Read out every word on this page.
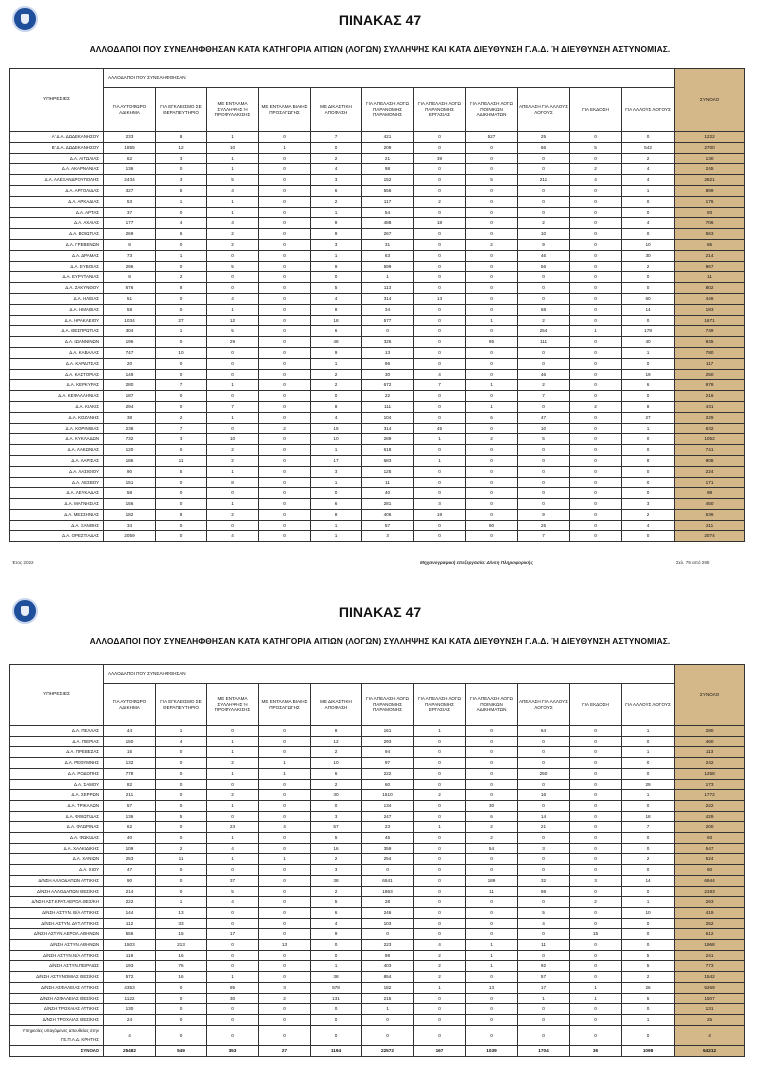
ΠΙΝΑΚΑΣ 47
ΑΛΛΟΔΑΠΟΙ ΠΟΥ ΣΥΝΕΛΗΦΘΗΣΑΝ ΚΑΤΑ ΚΑΤΗΓΟΡΙΑ ΑΙΤΙΩΝ (ΛΟΓΩΝ) ΣΥΛΛΗΨΗΣ ΚΑΙ ΚΑΤΑ ΔΙΕΥΘΥΝΣΗ Γ.Α.Δ. Ή ΔΙΕΥΘΥΝΣΗ ΑΣΤΥΝΟΜΙΑΣ.
ΥΠΗΡΕΣΙΕΣ	ΑΛΛΟΔΑΠΟΙ ΠΟΥ ΣΥΝΕΛΗΦΘΗΣΑΝ											ΣΥΝΟΛΟ
	ΓΙΑ ΑΥΤΟΦΩΡΟ ΑΔΙΚΗΜΑ	ΓΙΑ ΕΓΚΛΕΙΣΜΟ ΣΕ ΘΕΡΑΠΕΥΤΗΡΙΟ	ΜΕ ΕΝΤΑΛΜΑ ΣΥΛΛΗΨΗΣ Ή ΠΡΟΦΥΛΑΚΙΣΗΣ	ΜΕ ΕΝΤΑΛΜΑ ΒΙΑΙΗΣ ΠΡΟΣΑΓΩΓΗΣ	ΜΕ ΔΙΚΑΣΤΙΚΗ ΑΠΟΦΑΣΗ	ΓΙΑ ΑΠΕΛΑΣΗ ΛΟΓΩ ΠΑΡΑΝΟΜΗΣ ΠΑΡΑΜΟΝΗΣ	ΓΙΑ ΑΠΕΛΑΣΗ ΛΟΓΩ ΠΑΡΑΝΟΜΗΣ ΕΡΓΑΣΙΑΣ	ΓΙΑ ΑΠΕΛΑΣΗ ΛΟΓΩ ΠΟΙΝΙΚΩΝ ΑΔΙΚΗΜΑΤΩΝ	ΑΠΕΛΑΣΗ ΓΙΑ ΑΛΛΟΥΣ ΛΟΓΟΥΣ	ΓΙΑ ΕΚΔΟΣΗ	ΓΙΑ ΑΛΛΟΥΣ ΛΟΓΟΥΣ	
Α' Δ.Α. ΔΩΔΕΚΑΝΗΣΟΥ	233	8	1	0	7	421	0	527	25	0	0	1222
Β' Δ.Α. ΔΩΔΕΚΑΝΗΣΟΥ	1855	12	10	1	0	209	0	0	66	5	542	2700
Δ.Α. ΑΙΤΩΛΙΑΣ	62	3	1	0	2	21	39	0	0	0	2	130
Δ.Α. ΑΚΑΡΝΑΝΙΑΣ	136	0	1	0	4	98	0	0	0	2	4	245
Δ.Α. ΑΛΕΞΑΝΔΡΟΥΠΟΛΗΣ	2434	3	5	0	3	152	0	5	211	4	4	2821
Δ.Α. ΑΡΓΟΛΙΔΑΣ	327	5	4	0	6	556	0	0	0	0	1	899
Δ.Α. ΑΡΚΑΔΙΑΣ	53	1	1	0	2	117	2	0	0	0	0	176
Δ.Α. ΑΡΤΑΣ	37	0	1	0	1	54	0	0	0	0	0	93
Δ.Α. ΑΧΑΙΑΣ	177	4	4	0	9	488	18	0	2	0	4	706
Δ.Α. ΒΟΙΩΤΙΑΣ	269	6	2	0	9	267	0	0	10	0	0	563
Δ.Α. ΓΡΕΒΕΝΩΝ	8	0	2	0	3	31	0	2	9	0	10	65
Δ.Α. ΔΡΑΜΑΣ	73	1	0	0	1	63	0	0	46	0	30	214
Δ.Α. ΕΥΒΟΙΑΣ	296	0	5	0	9	599	0	0	56	0	2	967
Δ.Α. ΕΥΡΥΤΑΝΙΑΣ	8	2	0	0	0	1	0	0	0	0	0	11
Δ.Α. ΖΑΚΥΝΘΟΥ	676	8	0	0	5	113	0	0	0	0	0	802
Δ.Α. ΗΛΕΙΑΣ	51	0	4	0	4	314	13	0	0	0	60	446
Δ.Α. ΗΜΑΘΙΑΣ	58	0	1	0	8	34	0	0	68	0	14	183
Δ.Α. ΗΡΑΚΛΕΙΟΥ	1034	27	12	0	18	577	0	1	2	0	0	1671
Δ.Α. ΘΕΣΠΡΩΤΙΑΣ	304	1	5	0	6	0	0	0	254	1	178	749
Δ.Α. ΙΩΑΝΝΙΝΩΝ	196	0	29	0	48	326	0	95	111	0	40	845
Δ.Α. ΚΑΒΑΛΑΣ	747	10	0	0	9	13	0	0	0	0	1	780
Δ.Α. ΚΑΡΔΙΤΣΑΣ	20	0	0	0	1	96	0	0	0	0	0	117
Δ.Α. ΚΑΣΤΟΡΙΑΣ	149	0	0	0	2	30	4	0	46	0	19	250
Δ.Α. ΚΕΡΚΥΡΑΣ	280	7	1	0	2	672	7	1	2	0	6	978
Δ.Α. ΚΕΦΑΛΛΗΝΙΑΣ	187	0	0	0	0	22	0	0	7	0	0	216
Δ.Α. ΚΙΛΚΙΣ	294	0	7	0	8	111	0	1	0	2	8	431
Δ.Α. ΚΟΖΑΝΗΣ	38	2	1	0	4	104	0	6	47	0	27	229
Δ.Α. ΚΟΡΙΝΘΙΑΣ	238	7	0	2	15	314	45	0	10	0	1	632
Δ.Α. ΚΥΚΛΑΔΩΝ	732	3	10	0	10	289	1	2	5	0	0	1052
Δ.Α. ΛΑΚΩΝΙΑΣ	120	0	2	0	1	618	0	0	0	0	0	741
Δ.Α. ΛΑΡΙΣΑΣ	186	11	2	0	17	683	1	0	0	0	8	908
Δ.Α. ΛΑΣΙΘΙΟΥ	90	5	1	0	3	125	0	0	0	0	0	224
Δ.Α. ΛΕΣΒΟΥ	151	0	8	0	1	11	0	0	0	0	0	171
Δ.Α. ΛΕΥΚΑΔΑΣ	58	0	0	0	0	40	0	0	0	0	0	98
Δ.Α. ΜΑΓΝΗΣΙΑΣ	156	0	1	0	6	281	3	0	0	0	3	450
Δ.Α. ΜΕΣΣΗΝΙΑΣ	182	8	2	0	8	406	19	0	9	0	2	636
Δ.Α. ΞΑΝΘΗΣ	34	0	0	0	1	57	0	90	25	0	4	211
Δ.Α. ΟΡΕΣΤΙΑΔΑΣ	2059	0	4	0	1	3	0	0	7	0	0	2074
Έτος 2022	Μηχανογραφική επεξεργασία: Δ/νση Πληροφορικής	Σελ. 79 από 295
ΠΙΝΑΚΑΣ 47
ΑΛΛΟΔΑΠΟΙ ΠΟΥ ΣΥΝΕΛΗΦΘΗΣΑΝ ΚΑΤΑ ΚΑΤΗΓΟΡΙΑ ΑΙΤΙΩΝ (ΛΟΓΩΝ) ΣΥΛΛΗΨΗΣ ΚΑΙ ΚΑΤΑ ΔΙΕΥΘΥΝΣΗ Γ.Α.Δ. Ή ΔΙΕΥΘΥΝΣΗ ΑΣΤΥΝΟΜΙΑΣ.
ΥΠΗΡΕΣΙΕΣ	ΑΛΛΟΔΑΠΟΙ ΠΟΥ ΣΥΝΕΛΗΦΘΗΣΑΝ											ΣΥΝΟΛΟ
	ΓΙΑ ΑΥΤΟΦΩΡΟ ΑΔΙΚΗΜΑ	ΓΙΑ ΕΓΚΛΕΙΣΜΟ ΣΕ ΘΕΡΑΠΕΥΤΗΡΙΟ	ΜΕ ΕΝΤΑΛΜΑ ΣΥΛΛΗΨΗΣ Ή ΠΡΟΦΥΛΑΚΙΣΗΣ	ΜΕ ΕΝΤΑΛΜΑ ΒΙΑΙΗΣ ΠΡΟΣΑΓΩΓΗΣ	ΜΕ ΔΙΚΑΣΤΙΚΗ ΑΠΟΦΑΣΗ	ΓΙΑ ΑΠΕΛΑΣΗ ΛΟΓΩ ΠΑΡΑΝΟΜΗΣ ΠΑΡΑΜΟΝΗΣ	ΓΙΑ ΑΠΕΛΑΣΗ ΛΟΓΩ ΠΑΡΑΝΟΜΗΣ ΕΡΓΑΣΙΑΣ	ΓΙΑ ΑΠΕΛΑΣΗ ΛΟΓΩ ΠΟΙΝΙΚΩΝ ΑΔΙΚΗΜΑΤΩΝ	ΑΠΕΛΑΣΗ ΓΙΑ ΑΛΛΟΥΣ ΛΟΓΟΥΣ	ΓΙΑ ΕΚΔΟΣΗ	ΓΙΑ ΑΛΛΟΥΣ ΛΟΓΟΥΣ	
Δ.Α. ΠΕΛΛΑΣ	44	1	0	0	8	161	1	0	64	0	1	280
Δ.Α. ΠΙΕΡΙΑΣ	150	4	1	0	12	293	0	0	0	0	0	460
Δ.Α. ΠΡΕΒΕΖΑΣ	15	0	1	0	2	94	0	0	0	0	1	113
Δ.Α. ΡΕΘΥΜΝΗΣ	132	0	2	1	10	97	0	0	0	0	0	242
Δ.Α. ΡΟΔΟΠΗΣ	778	0	1	1	6	222	0	0	250	0	0	1258
Δ.Α. ΣΑΜΟΥ	82	0	0	0	2	60	0	0	0	0	29	173
Δ.Α. ΣΕΡΡΩΝ	211	0	2	0	30	1510	2	0	16	0	1	1772
Δ.Α. ΤΡΙΚΑΛΩΝ	57	0	1	0	0	134	0	30	0	0	0	222
Δ.Α. ΦΘΙΩΤΙΔΑΣ	136	5	0	0	3	247	0	6	14	0	18	429
Δ.Α. ΦΛΩΡΙΝΑΣ	62	0	23	4	57	23	1	2	21	0	7	200
Δ.Α. ΦΩΚΙΔΑΣ	40	0	1	0	5	45	0	2	0	0	0	93
Δ.Α. ΧΑΛΚΙΔΙΚΗΣ	109	2	4	0	16	359	0	54	3	0	0	547
Δ.Α. ΧΑΝΙΩΝ	253	11	1	1	2	254	0	0	0	0	2	524
Δ.Α. ΧΙΟΥ	47	0	0	0	3	0	0	0	0	0	0	50
Δ/ΝΣΗ ΑΛΛΟΔΑΠΩΝ ΑΤΤΙΚΗΣ	90	0	37	0	38	6541	0	189	32	3	14	6944
Δ/ΝΣΗ ΑΛΛΟΔΑΠΩΝ ΘΕΣ/ΚΗΣ	214	0	5	0	2	1863	0	11	98	0	0	2193
Δ/ΝΣΗ ΑΣΤ.ΚΡΑΤ.ΑΕΡΟΛ.ΘΕΣ/ΚΗ	222	1	4	0	5	28	0	0	0	2	1	263
Δ/ΝΣΗ ΑΣΤΥΝ. Β/Α ΑΤΤΙΚΗΣ	144	13	0	0	6	246	0	0	5	0	10	419
Δ/ΝΣΗ ΑΣΤΥΝ. ΔΥΤ.ΑΤΤΙΚΗΣ	112	33	0	0	4	103	0	0	4	0	0	252
Δ/ΝΣΗ ΑΣΤΥΝ.ΑΕΡΟΛ.ΑΘΗΝΩΝ	556	15	17	0	9	0	0	0	0	15	0	612
Δ/ΝΣΗ ΑΣΤΥΝ.ΑΘΗΝΩΝ	1503	213	0	13	0	223	4	1	11	0	0	1968
Δ/ΝΣΗ ΑΣΤΥΝ.Ν/Α ΑΤΤΙΚΗΣ	119	16	0	0	0	98	2	1	0	0	5	241
Δ/ΝΣΗ ΑΣΤΥΝ.ΠΕΙΡΑΙΩΣ	193	76	0	0	1	403	2	1	92	0	5	773
Δ/ΝΣΗ ΑΣΤΥΝΟΜΙΑΣ ΘΕΣ/ΚΗΣ	572	16	1	0	38	854	2	0	57	0	2	1542
Δ/ΝΣΗ ΑΣΦΑΛΕΙΑΣ ΑΤΤΙΚΗΣ	4353	0	95	3	578	182	1	13	17	1	26	5269
Δ/ΝΣΗ ΑΣΦΑΛΕΙΑΣ ΘΕΣ/ΚΗΣ	1122	0	30	2	131	215	0	0	1	1	5	1507
Δ/ΝΣΗ ΤΡΟΧΑΙΑΣ ΑΤΤΙΚΗΣ	130	0	0	0	0	1	0	0	0	0	0	131
Δ/ΝΣΗ ΤΡΟΧΑΙΑΣ ΘΕΣ/ΚΗΣ	24	0	0	0	0	0	0	0	0	0	1	25
Υπηρεσίες υπαγόμενες απευθείας στην ΓΕ.Π.Α.Δ. ΚΡΗΤΗΣ	4	0	0	0	0	0	0	0	0	0	0	4
ΣΥΝΟΛΟ	25482	549	353	27	1194	22572	167	1039	1704	36	1098	54212
